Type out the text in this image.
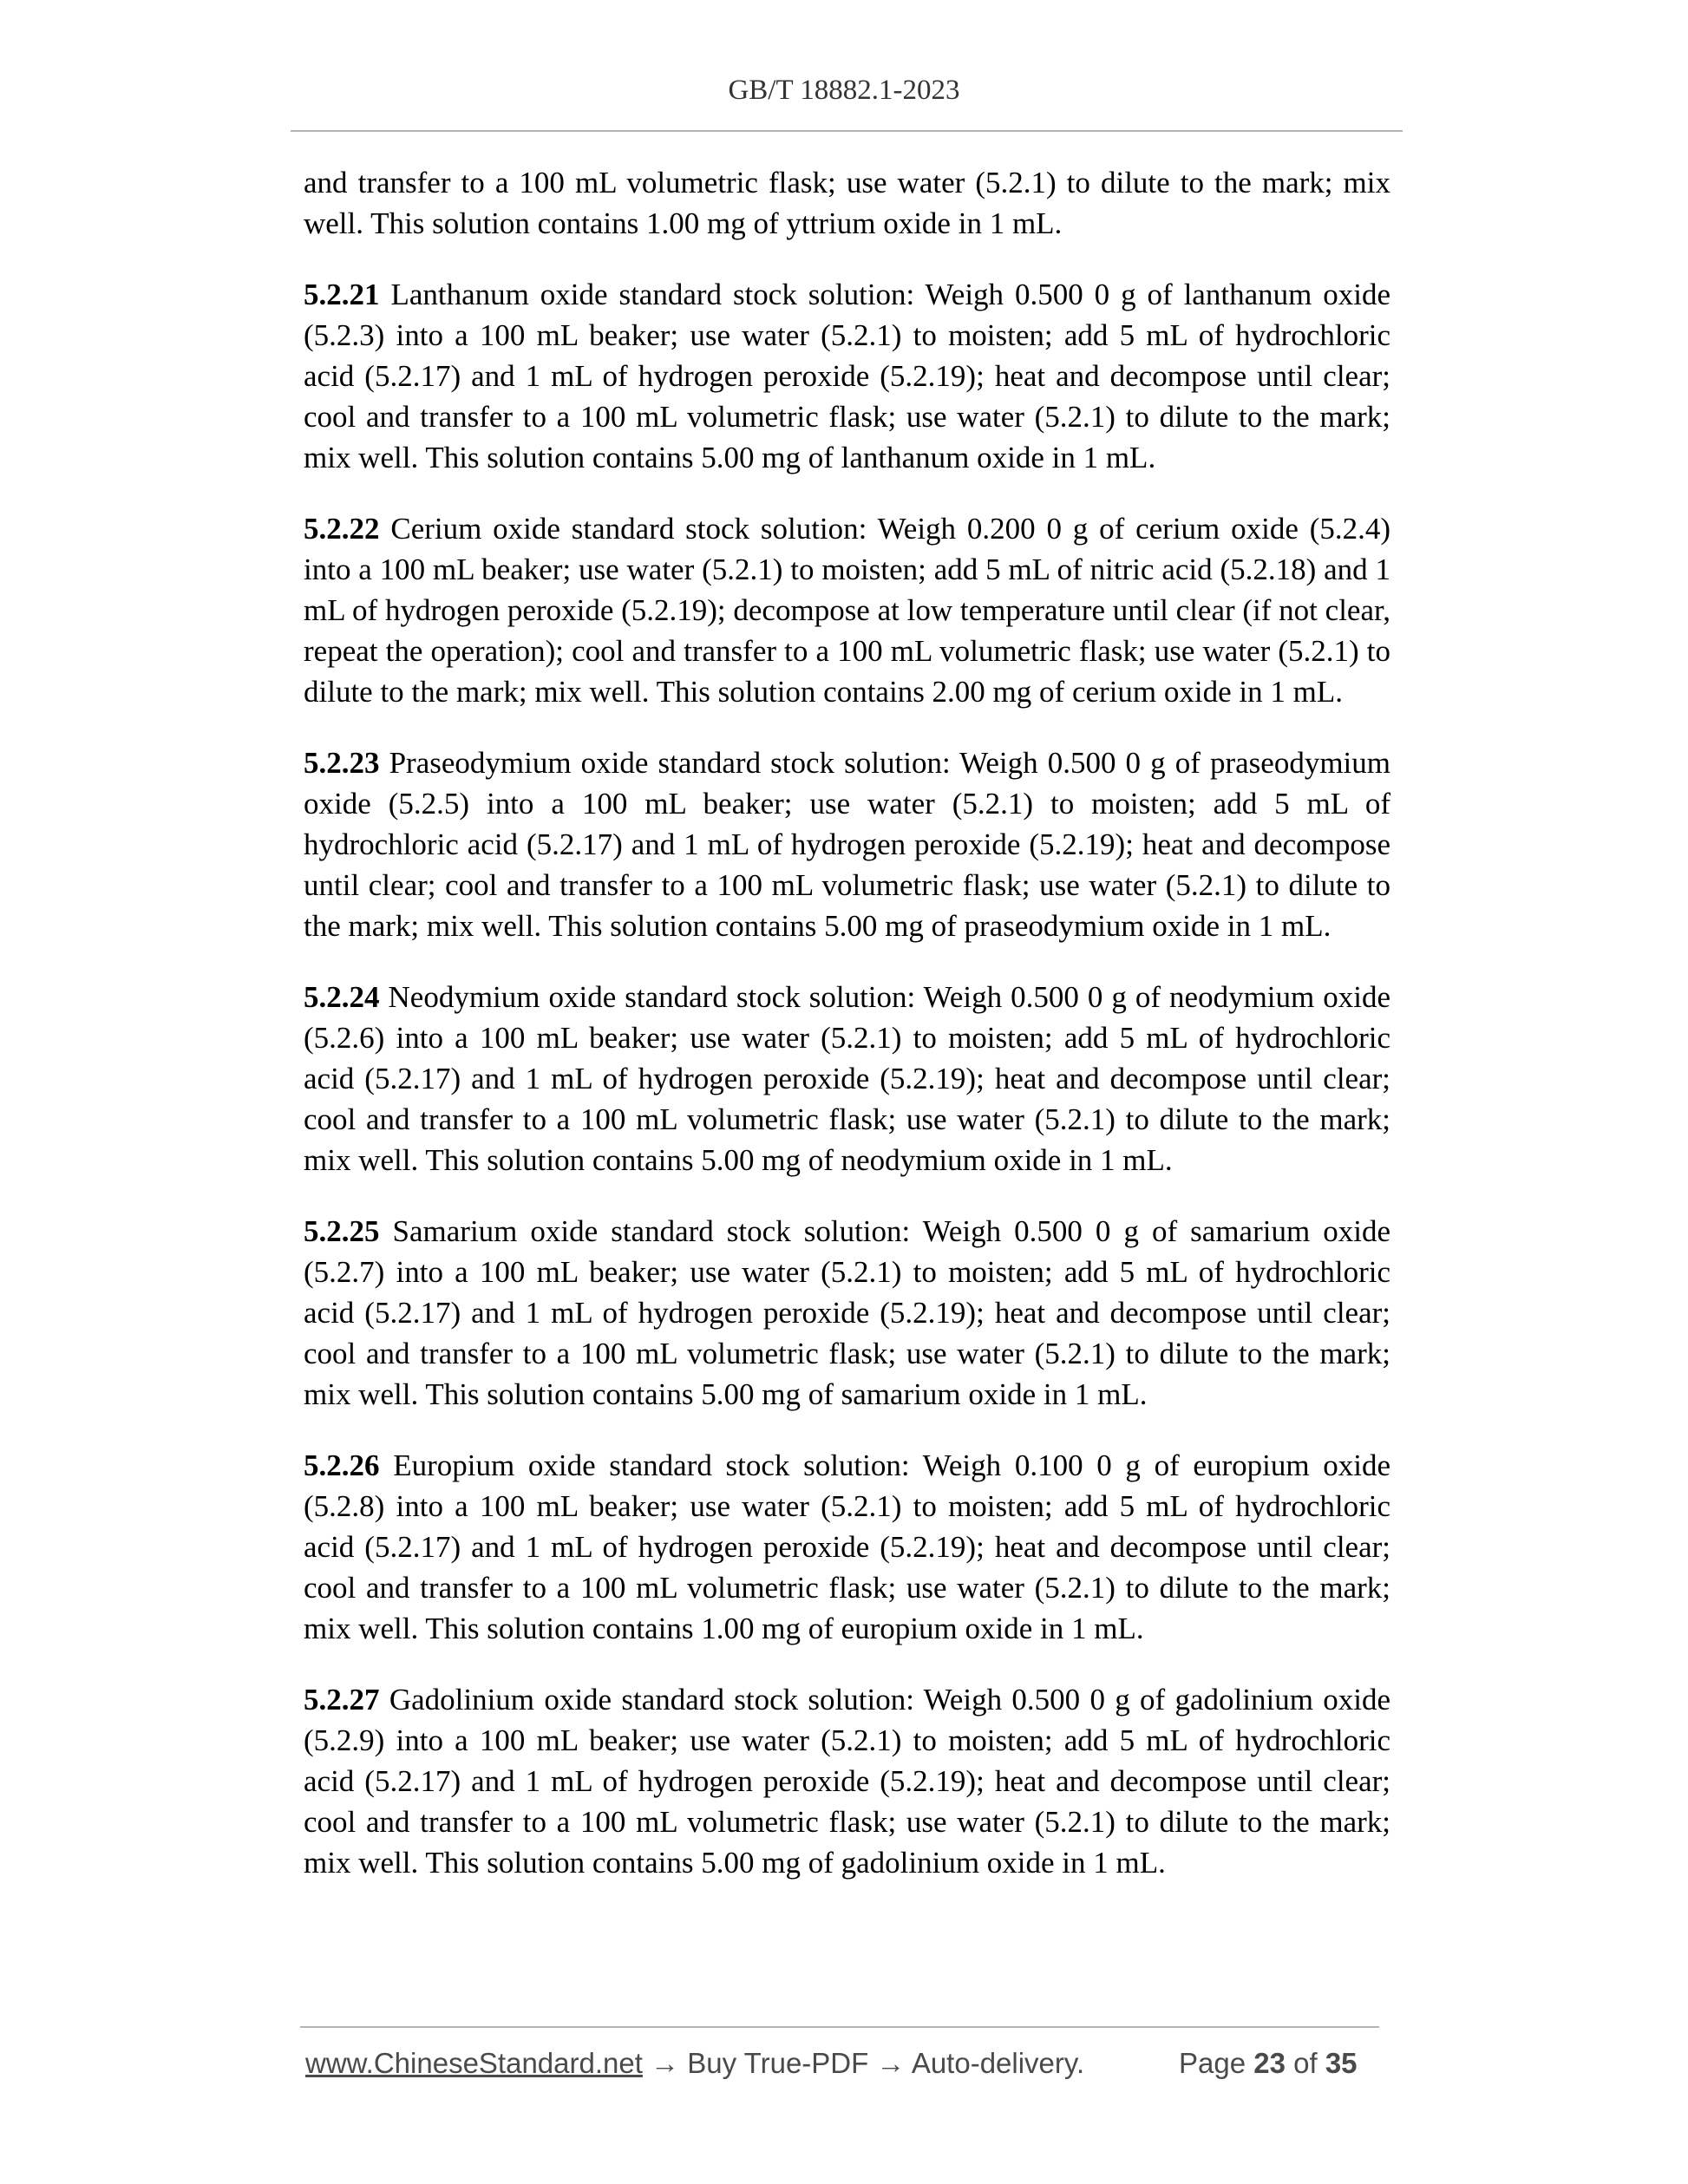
GB/T 18882.1-2023

and transfer to a 100 mL volumetric flask; use water (5.2.1) to dilute to the mark; mix well. This solution contains 1.00 mg of yttrium oxide in 1 mL.

5.2.21 Lanthanum oxide standard stock solution: Weigh 0.500 0 g of lanthanum oxide (5.2.3) into a 100 mL beaker; use water (5.2.1) to moisten; add 5 mL of hydrochloric acid (5.2.17) and 1 mL of hydrogen peroxide (5.2.19); heat and decompose until clear; cool and transfer to a 100 mL volumetric flask; use water (5.2.1) to dilute to the mark; mix well. This solution contains 5.00 mg of lanthanum oxide in 1 mL.

5.2.22 Cerium oxide standard stock solution: Weigh 0.200 0 g of cerium oxide (5.2.4) into a 100 mL beaker; use water (5.2.1) to moisten; add 5 mL of nitric acid (5.2.18) and 1 mL of hydrogen peroxide (5.2.19); decompose at low temperature until clear (if not clear, repeat the operation); cool and transfer to a 100 mL volumetric flask; use water (5.2.1) to dilute to the mark; mix well. This solution contains 2.00 mg of cerium oxide in 1 mL.

5.2.23 Praseodymium oxide standard stock solution: Weigh 0.500 0 g of praseodymium oxide (5.2.5) into a 100 mL beaker; use water (5.2.1) to moisten; add 5 mL of hydrochloric acid (5.2.17) and 1 mL of hydrogen peroxide (5.2.19); heat and decompose until clear; cool and transfer to a 100 mL volumetric flask; use water (5.2.1) to dilute to the mark; mix well. This solution contains 5.00 mg of praseodymium oxide in 1 mL.

5.2.24 Neodymium oxide standard stock solution: Weigh 0.500 0 g of neodymium oxide (5.2.6) into a 100 mL beaker; use water (5.2.1) to moisten; add 5 mL of hydrochloric acid (5.2.17) and 1 mL of hydrogen peroxide (5.2.19); heat and decompose until clear; cool and transfer to a 100 mL volumetric flask; use water (5.2.1) to dilute to the mark; mix well. This solution contains 5.00 mg of neodymium oxide in 1 mL.

5.2.25 Samarium oxide standard stock solution: Weigh 0.500 0 g of samarium oxide (5.2.7) into a 100 mL beaker; use water (5.2.1) to moisten; add 5 mL of hydrochloric acid (5.2.17) and 1 mL of hydrogen peroxide (5.2.19); heat and decompose until clear; cool and transfer to a 100 mL volumetric flask; use water (5.2.1) to dilute to the mark; mix well. This solution contains 5.00 mg of samarium oxide in 1 mL.

5.2.26 Europium oxide standard stock solution: Weigh 0.100 0 g of europium oxide (5.2.8) into a 100 mL beaker; use water (5.2.1) to moisten; add 5 mL of hydrochloric acid (5.2.17) and 1 mL of hydrogen peroxide (5.2.19); heat and decompose until clear; cool and transfer to a 100 mL volumetric flask; use water (5.2.1) to dilute to the mark; mix well. This solution contains 1.00 mg of europium oxide in 1 mL.

5.2.27 Gadolinium oxide standard stock solution: Weigh 0.500 0 g of gadolinium oxide (5.2.9) into a 100 mL beaker; use water (5.2.1) to moisten; add 5 mL of hydrochloric acid (5.2.17) and 1 mL of hydrogen peroxide (5.2.19); heat and decompose until clear; cool and transfer to a 100 mL volumetric flask; use water (5.2.1) to dilute to the mark; mix well. This solution contains 5.00 mg of gadolinium oxide in 1 mL.

www.ChineseStandard.net → Buy True-PDF → Auto-delivery.	Page 23 of 35
